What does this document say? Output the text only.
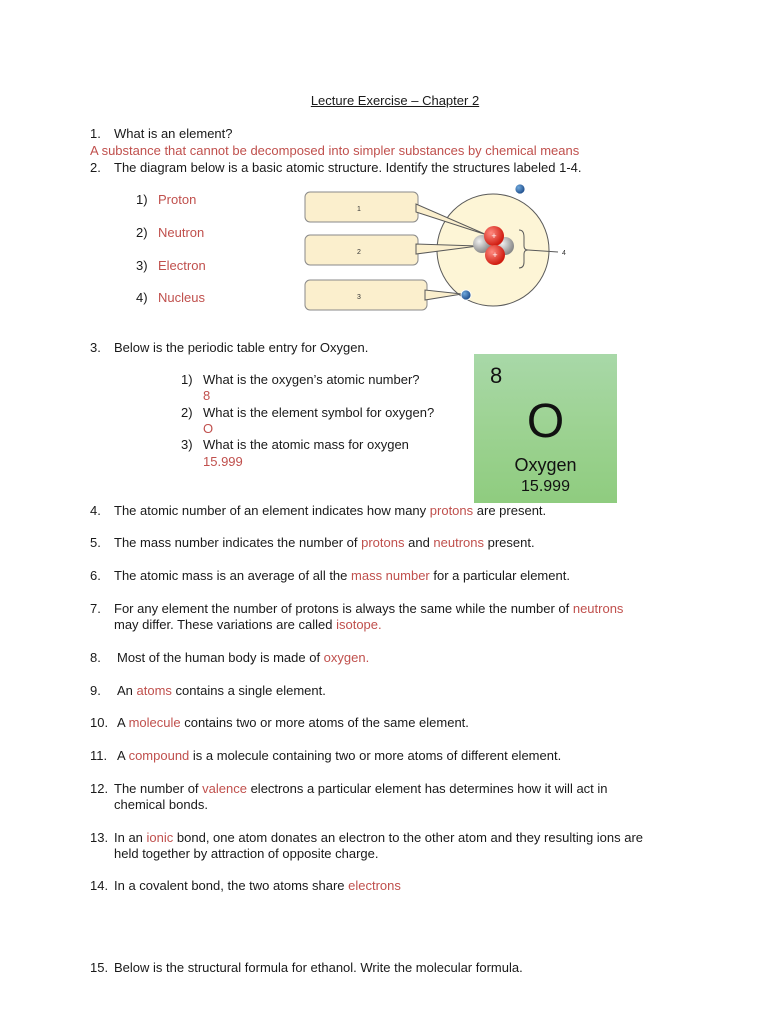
Lecture Exercise – Chapter 2
1. What is an element?
A substance that cannot be decomposed into simpler substances by chemical means
2. The diagram below is a basic atomic structure. Identify the structures labeled 1-4.
1) Proton
2) Neutron
3) Electron
4) Nucleus
1
2
3
+
+	4
3. Below is the periodic table entry for Oxygen.
1) What is the oxygen’s atomic number?
8
2) What is the element symbol for oxygen?
O
3) What is the atomic mass for oxygen
15.999
8
O
Oxygen
15.999
4. The atomic number of an element indicates how many protons are present.
5. The mass number indicates the number of protons and neutrons present.
6. The atomic mass is an average of all the mass number for a particular element.
7. For any element the number of protons is always the same while the number of neutrons
may differ. These variations are called isotope.
8. Most of the human body is made of oxygen.
9. An atoms contains a single element.
10. A molecule contains two or more atoms of the same element.
11. A compound is a molecule containing two or more atoms of different element.
12. The number of valence electrons a particular element has determines how it will act in
chemical bonds.
13. In an ionic bond, one atom donates an electron to the other atom and they resulting ions are
held together by attraction of opposite charge.
14. In a covalent bond, the two atoms share electrons
15. Below is the structural formula for ethanol. Write the molecular formula.
